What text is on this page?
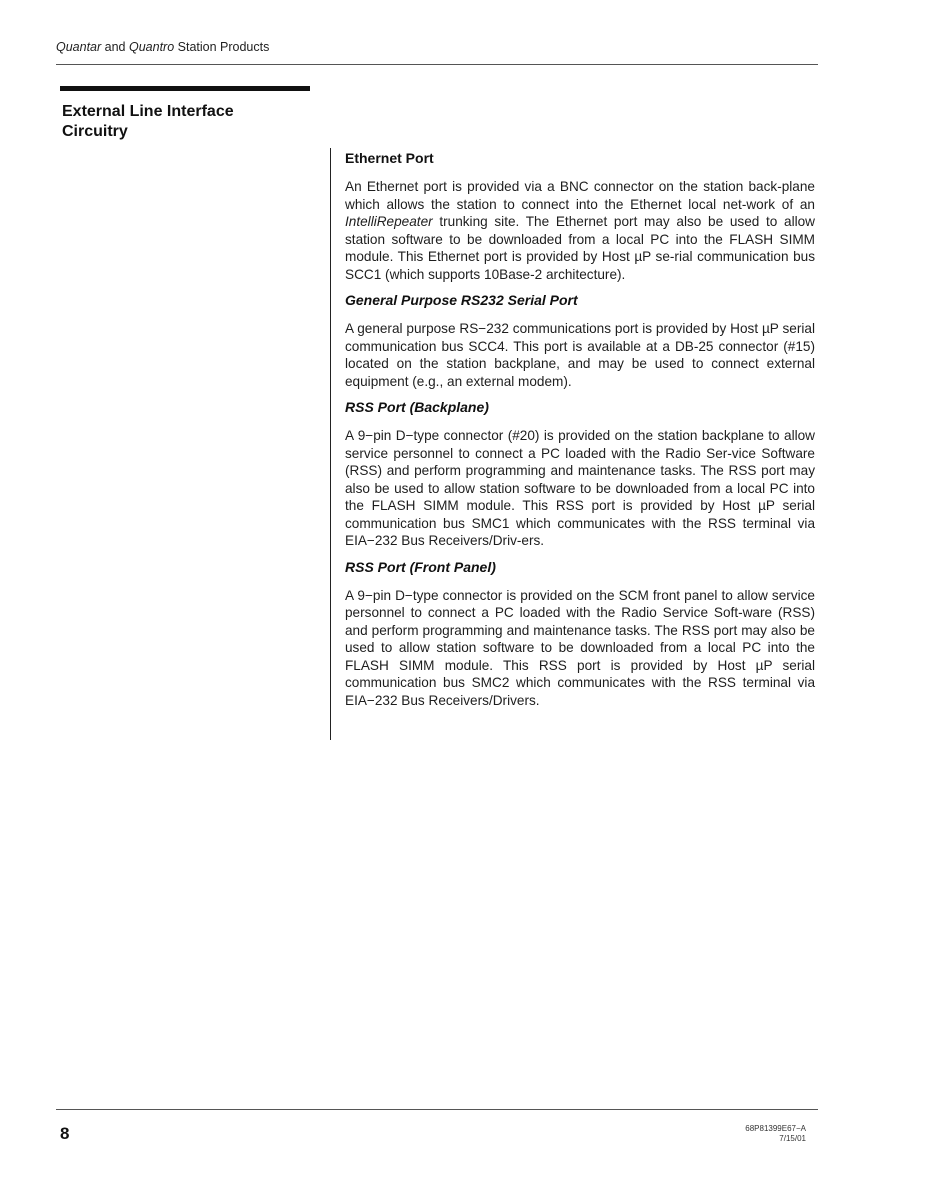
Quantar and Quantro Station Products
External Line Interface
Circuitry
Ethernet Port

An Ethernet port is provided via a BNC connector on the station back-plane which allows the station to connect into the Ethernet local net-work of an IntelliRepeater trunking site. The Ethernet port may also be used to allow station software to be downloaded from a local PC into the FLASH SIMM module. This Ethernet port is provided by Host µP se-rial communication bus SCC1 (which supports 10Base-2 architecture).

General Purpose RS232 Serial Port

A general purpose RS−232 communications port is provided by Host µP serial communication bus SCC4. This port is available at a DB-25 connector (#15) located on the station backplane, and may be used to connect external equipment (e.g., an external modem).

RSS Port (Backplane)

A 9−pin D−type connector (#20) is provided on the station backplane to allow service personnel to connect a PC loaded with the Radio Ser-vice Software (RSS) and perform programming and maintenance tasks. The RSS port may also be used to allow station software to be downloaded from a local PC into the FLASH SIMM module. This RSS port is provided by Host µP serial communication bus SMC1 which communicates with the RSS terminal via EIA−232 Bus Receivers/Driv-ers.

RSS Port (Front Panel)

A 9−pin D−type connector is provided on the SCM front panel to allow service personnel to connect a PC loaded with the Radio Service Soft-ware (RSS) and perform programming and maintenance tasks. The RSS port may also be used to allow station software to be downloaded from a local PC into the FLASH SIMM module. This RSS port is provided by Host µP serial communication bus SMC2 which communicates with the RSS terminal via EIA−232 Bus Receivers/Drivers.

8	68P81399E67−A
7/15/01
